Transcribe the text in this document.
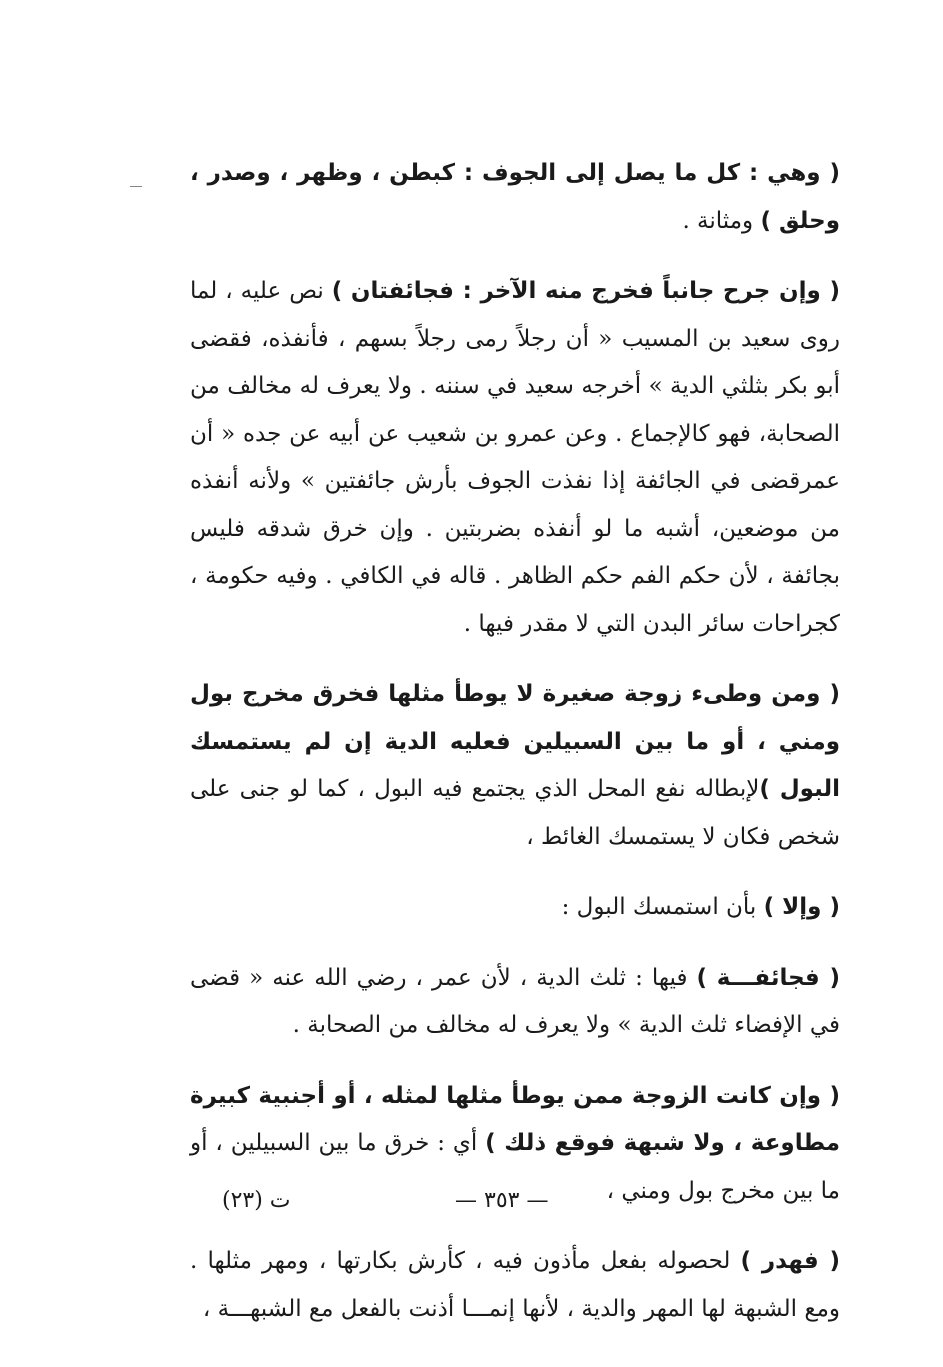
( وهي : كل ما يصل إلى الجوف : كبطن ، وظهر ، وصدر ، وحلق ) ومثانة .

( وإن جرح جانباً فخرج منه الآخر : فجائفتان ) نص عليه ، لما روى سعيد بن المسيب « أن رجلاً رمى رجلاً بسهم ، فأنفذه، فقضى أبو بكر بثلثي الدية » أخرجه سعيد في سننه . ولا يعرف له مخالف من الصحابة، فهو كالإجماع . وعن عمرو بن شعيب عن أبيه عن جده « أن عمرقضى في الجائفة إذا نفذت الجوف بأرش جائفتين » ولأنه أنفذه من موضعين، أشبه ما لو أنفذه بضربتين . وإن خرق شدقه فليس بجائفة ، لأن حكم الفم حكم الظاهر . قاله في الكافي . وفيه حكومة ، كجراحات سائر البدن التي لا مقدر فيها .

( ومن وطىء زوجة صغيرة لا يوطأ مثلها فخرق مخرج بول ومني ، أو ما بين السبيلين فعليه الدية إن لم يستمسك البول )لإبطاله نفع المحل الذي يجتمع فيه البول ، كما لو جنى على شخص فكان لا يستمسك الغائط ،

( وإلا ) بأن استمسك البول :

( فجائفـــة ) فيها : ثلث الدية ، لأن عمر ، رضي الله عنه « قضى في الإفضاء ثلث الدية » ولا يعرف له مخالف من الصحابة .

( وإن كانت الزوجة ممن يوطأ مثلها لمثله ، أو أجنبية كبيرة مطاوعة ، ولا شبهة فوقع ذلك ) أي : خرق ما بين السبيلين ، أو ما بين مخرج بول ومني ،

( فهدر ) لحصوله بفعل مأذون فيه ، كأرش بكارتها ، ومهر مثلها . ومع الشبهة لها المهر والدية ، لأنها إنمـــا أذنت بالفعل مع الشبهـــة ،

ت (٢٣)	— ٣٥٣ —
